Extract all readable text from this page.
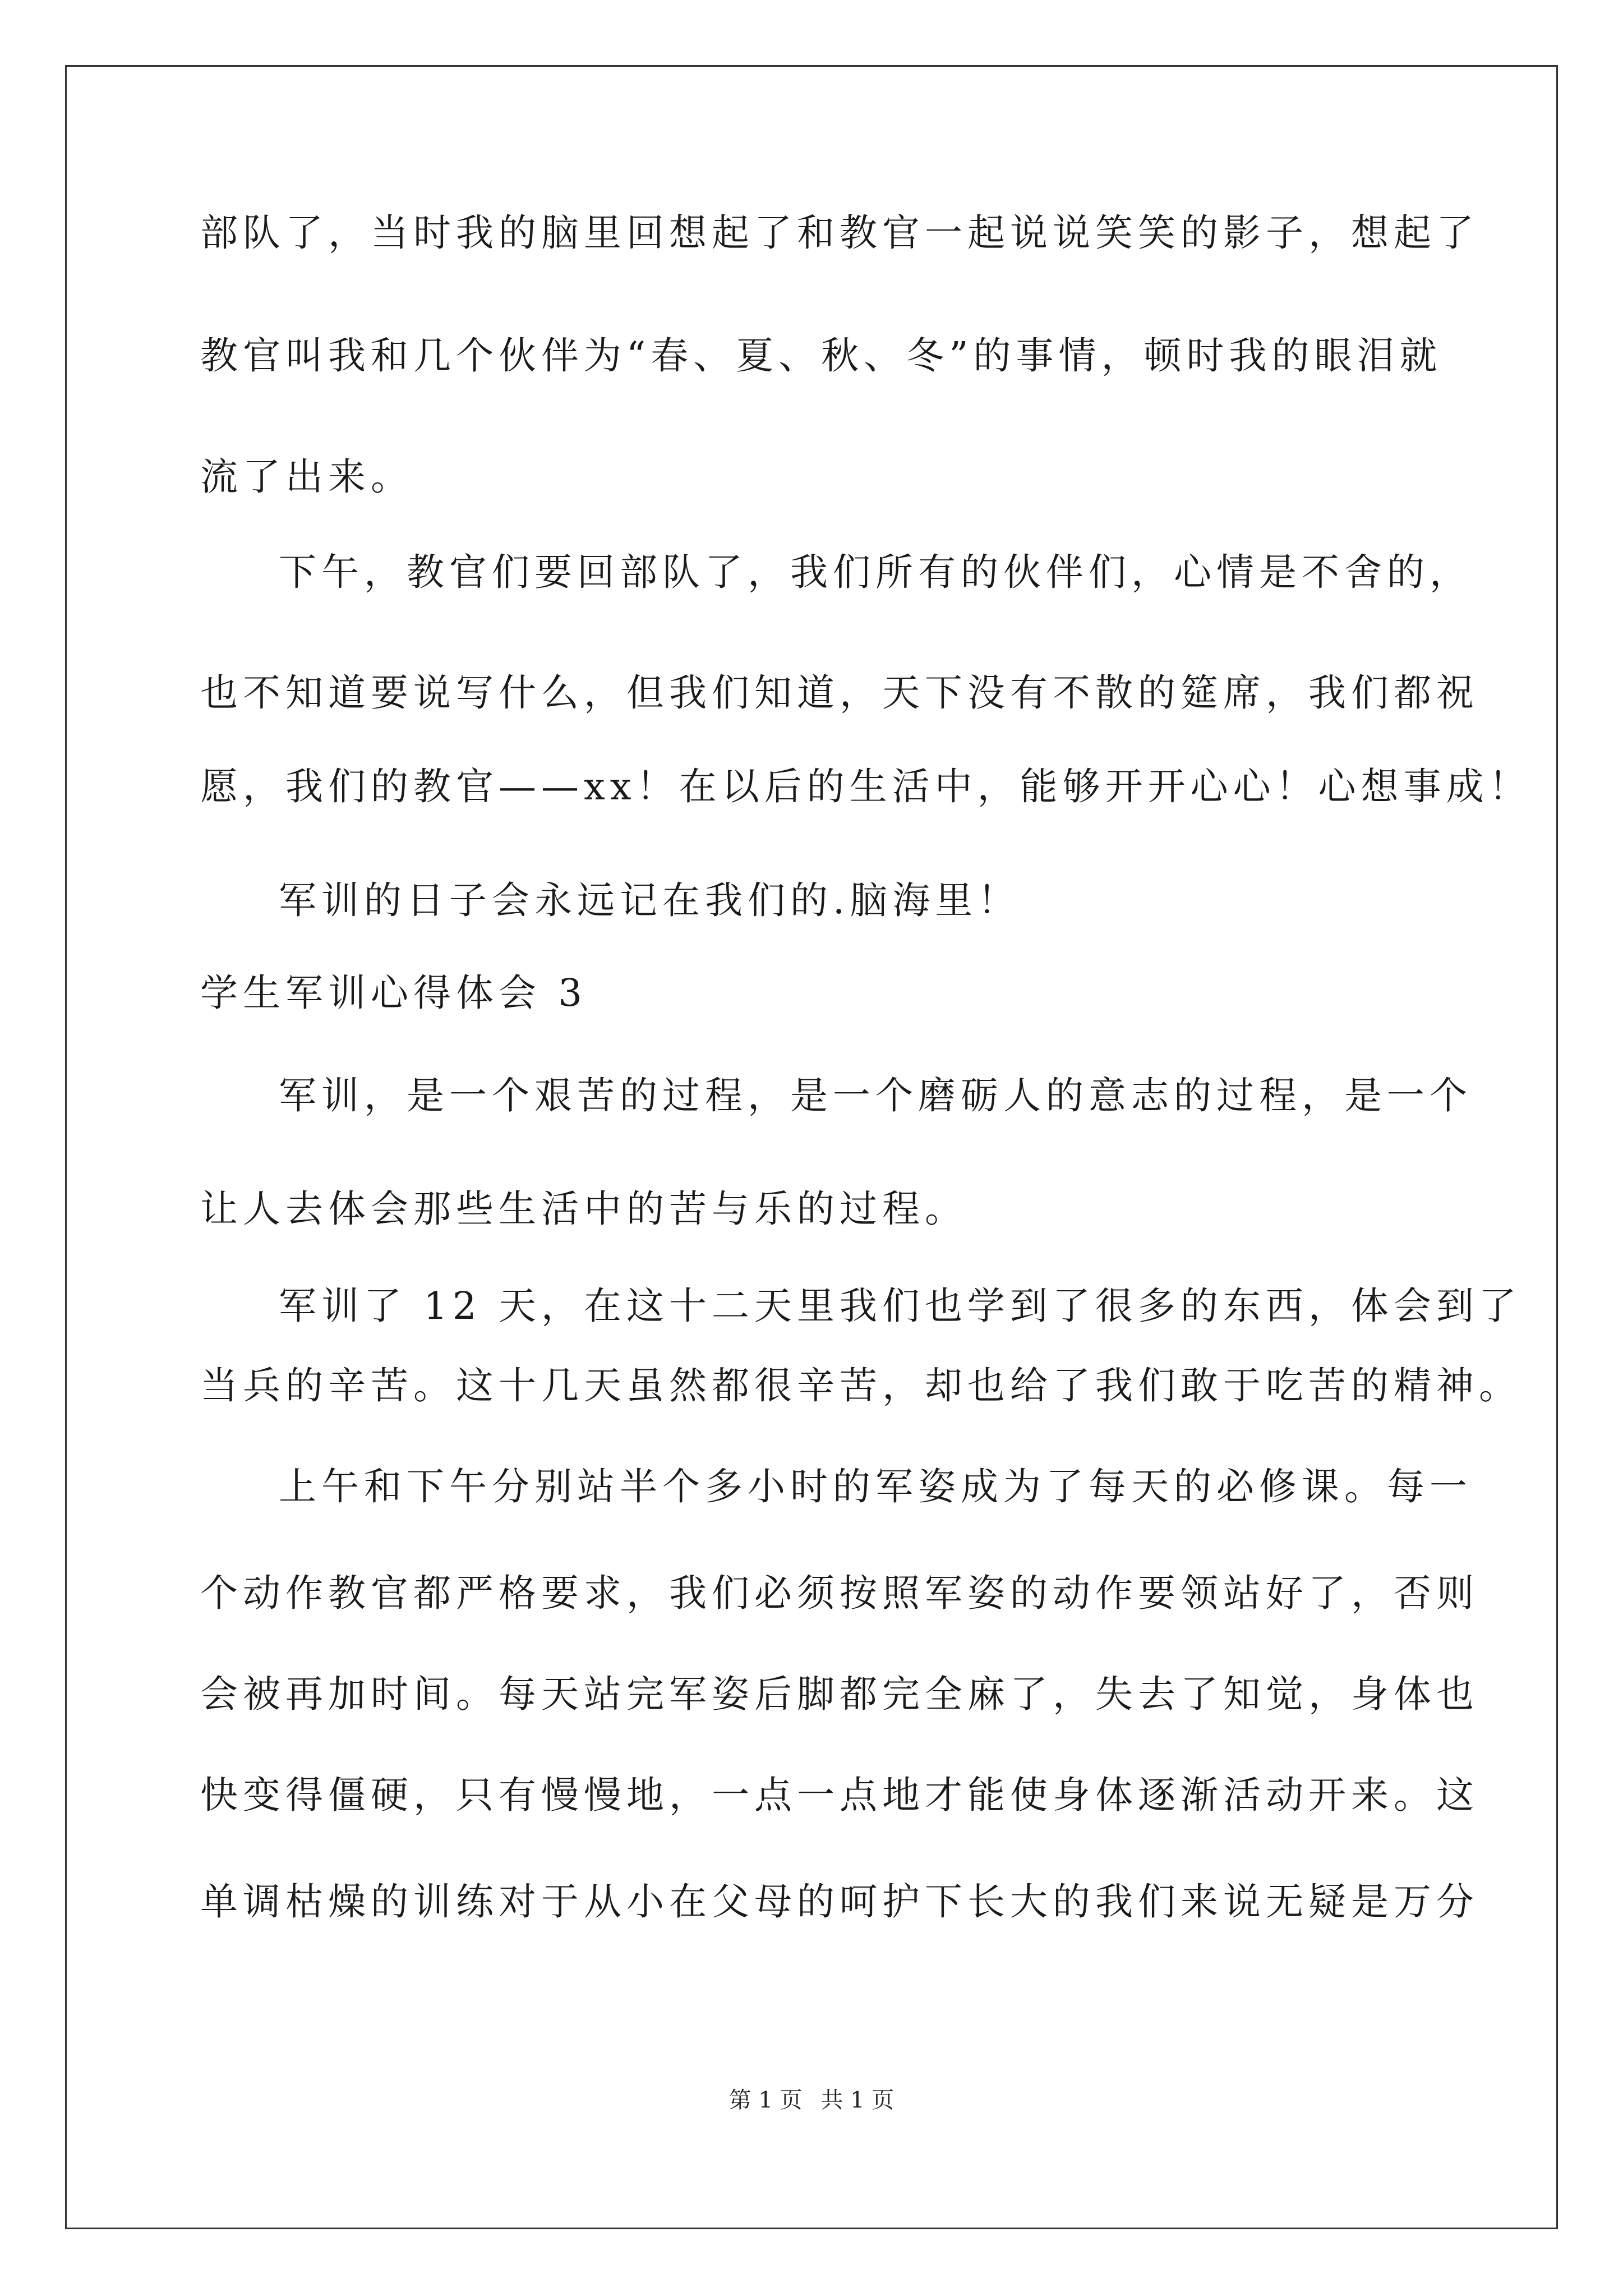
部队了，当时我的脑里回想起了和教官一起说说笑笑的影子，想起了
教官叫我和几个伙伴为“春、夏、秋、冬”的事情，顿时我的眼泪就
流了出来。
下午，教官们要回部队了，我们所有的伙伴们，心情是不舍的，
也不知道要说写什么，但我们知道，天下没有不散的筵席，我们都祝
愿，我们的教官——xx！在以后的生活中，能够开开心心！心想事成！
军训的日子会永远记在我们的.脑海里！
学生军训心得体会 3
军训，是一个艰苦的过程，是一个磨砺人的意志的过程，是一个
让人去体会那些生活中的苦与乐的过程。
军训了 12 天，在这十二天里我们也学到了很多的东西，体会到了
当兵的辛苦。这十几天虽然都很辛苦，却也给了我们敢于吃苦的精神。
上午和下午分别站半个多小时的军姿成为了每天的必修课。每一
个动作教官都严格要求，我们必须按照军姿的动作要领站好了，否则
会被再加时间。每天站完军姿后脚都完全麻了，失去了知觉，身体也
快变得僵硬，只有慢慢地，一点一点地才能使身体逐渐活动开来。这
单调枯燥的训练对于从小在父母的呵护下长大的我们来说无疑是万分
第 1 页 共 1 页
